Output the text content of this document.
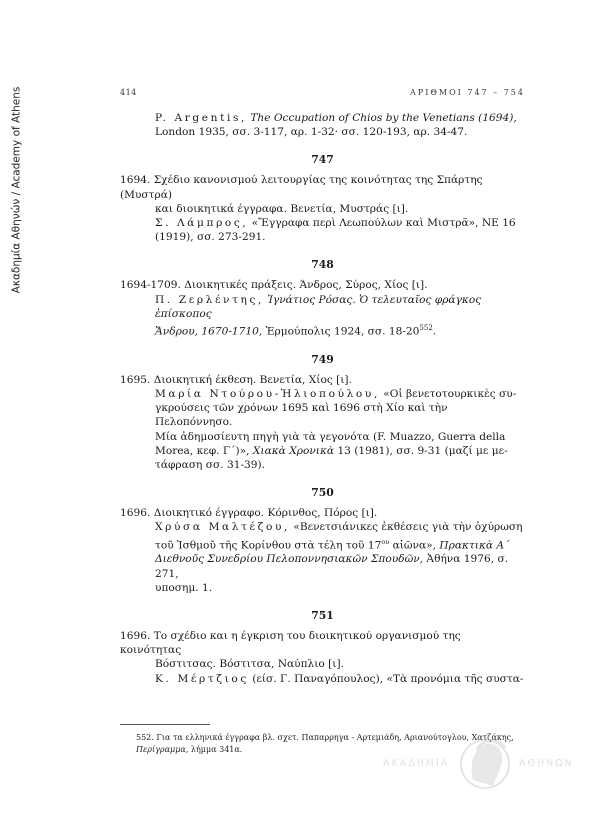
Ακαδημία Αθηνών / Academy of Athens	414	ΑΡΙΘΜΟΙ 747 – 754
P. Argentis, The Occupation of Chios by the Venetians (1694),
London 1935, σσ. 3-117, αρ. 1-32· σσ. 120-193, αρ. 34-47.
747
1694. Σχέδιο κανονισμού λειτουργίας της κοινότητας της Σπάρτης (Μυστρά)
και διοικητικά έγγραφα. Βενετία, Μυστράς [ι].
Σ. Λάμπρος, «Ἔγγραφα περὶ Λεωπούλων καὶ Μιστρᾶ», NE 16
(1919), σσ. 273-291.
748
1694-1709. Διοικητικές πράξεις. Άνδρος, Σύρος, Χίος [ι].
Π. Ζερλέντης, Ἰγνάτιος Ρόσας. Ὁ τελευταῖος φράγκος ἐπίσκοπος
Ἄνδρου, 1670-1710, Ἑρμούπολις 1924, σσ. $18-20^{552}$.
749
1695. Διοικητική έκθεση. Βενετία, Χίος [ι].
Μαρία Ντούρου-Ἡλιοπούλου, «Οἱ βενετοτουρκικὲς συ-
γκρούσεις τῶν χρόνων 1695 καὶ 1696 στὴ Χίο καὶ τὴν Πελοπόννησο.
Μία ἀδημοσίευτη πηγὴ γιὰ τὰ γεγονότα (F. Muazzo, Guerra della
Morea, κεφ. Γ΄)», Χιακὰ Χρονικὰ 13 (1981), σσ. 9-31 (μαζί με με-
τάφραση σσ. 31-39).
750
1696. Διοικητικό έγγραφο. Κόρινθος, Πόρος [ι].
Χρύσα Μαλτέζου, «Βενετσιάνικες ἐκθέσεις γιὰ τὴν ὀχύρωση
τοῦ Ἰσθμοῦ τῆς Κορίνθου στὰ τέλη τοῦ $17^{o\upsilon}$ αἰῶνα», Πρακτικὰ Α΄
Διεθνοῦς Συνεδρίου Πελοποννησιακῶν Σπουδῶν, Ἀθήνα 1976, σ. 271,
υποσημ. 1.
751
1696. Το σχέδιο και η έγκριση του διοικητικού οργανισμού της κοινότητας
Βόστιτσας. Βόστιτσα, Ναύπλιο [ι].
Κ. Μέρτζιος (είσ. Γ. Παναγόπουλος), «Τὰ προνόμια τῆς συστα-
552. Για τα ελληνικά έγγραφα βλ. σχετ. Παπαρρηγα - Αρτεμιάδη, Αριανούτογλου, Χατζάκης,
Περίγραμμα, λήμμα 341α.
ΑΚΑΔΗΜΙΑ	ΑΘΗΝΩΝ
